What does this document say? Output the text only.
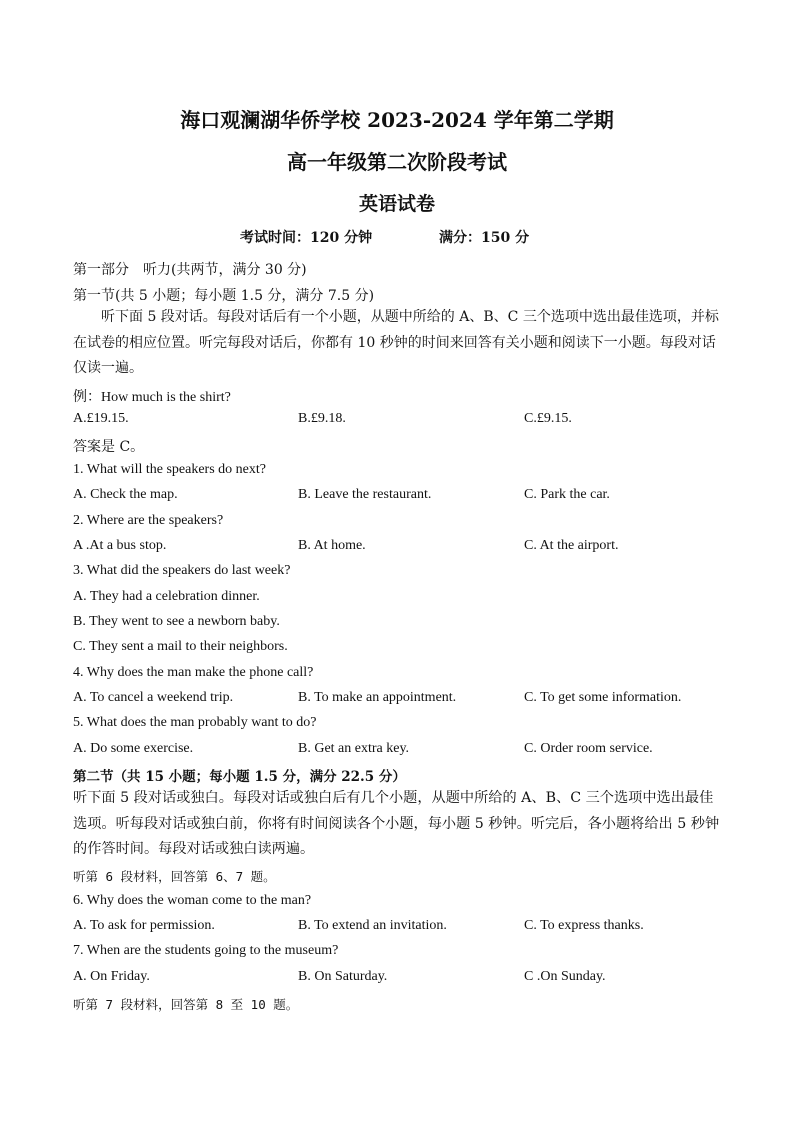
海口观澜湖华侨学校 2023-2024 学年第二学期
高一年级第二次阶段考试
英语试卷
考试时间：120 分钟	满分：150 分
第一部分　听力(共两节，满分 30 分)
第一节(共 5 小题；每小题 1.5 分，满分 7.5 分)
听下面 5 段对话。每段对话后有一个小题，从题中所给的 A、B、C 三个选项中选出最佳选项，并标在试卷的相应位置。听完每段对话后，你都有 10 秒钟的时间来回答有关小题和阅读下一小题。每段对话仅读一遍。
例：How much is the shirt?
A.£19.15.	B.£9.18.	C.£9.15.
答案是 C。
1. What will the speakers do next?
A. Check the map.	B. Leave the restaurant.	C. Park the car.
2. Where are the speakers?
A .At a bus stop.	B. At home.	C. At the airport.
3. What did the speakers do last week?
A. They had a celebration dinner.
B. They went to see a newborn baby.
C. They sent a mail to their neighbors.
4. Why does the man make the phone call?
A. To cancel a weekend trip.	B. To make an appointment.	C. To get some information.
5. What does the man probably want to do?
A. Do some exercise.	B. Get an extra key.	C. Order room service.
第二节（共 15 小题；每小题 1.5 分，满分 22.5 分）
听下面 5 段对话或独白。每段对话或独白后有几个小题，从题中所给的 A、B、C 三个选项中选出最佳选项。听每段对话或独白前，你将有时间阅读各个小题，每小题 5 秒钟。听完后，各小题将给出 5 秒钟的作答时间。每段对话或独白读两遍。
听第 6 段材料，回答第 6、7 题。
6. Why does the woman come to the man?
A. To ask for permission.	B. To extend an invitation.	C. To express thanks.
7. When are the students going to the museum?
A. On Friday.	B. On Saturday.	C .On Sunday.
听第 7 段材料，回答第 8 至 10 题。
